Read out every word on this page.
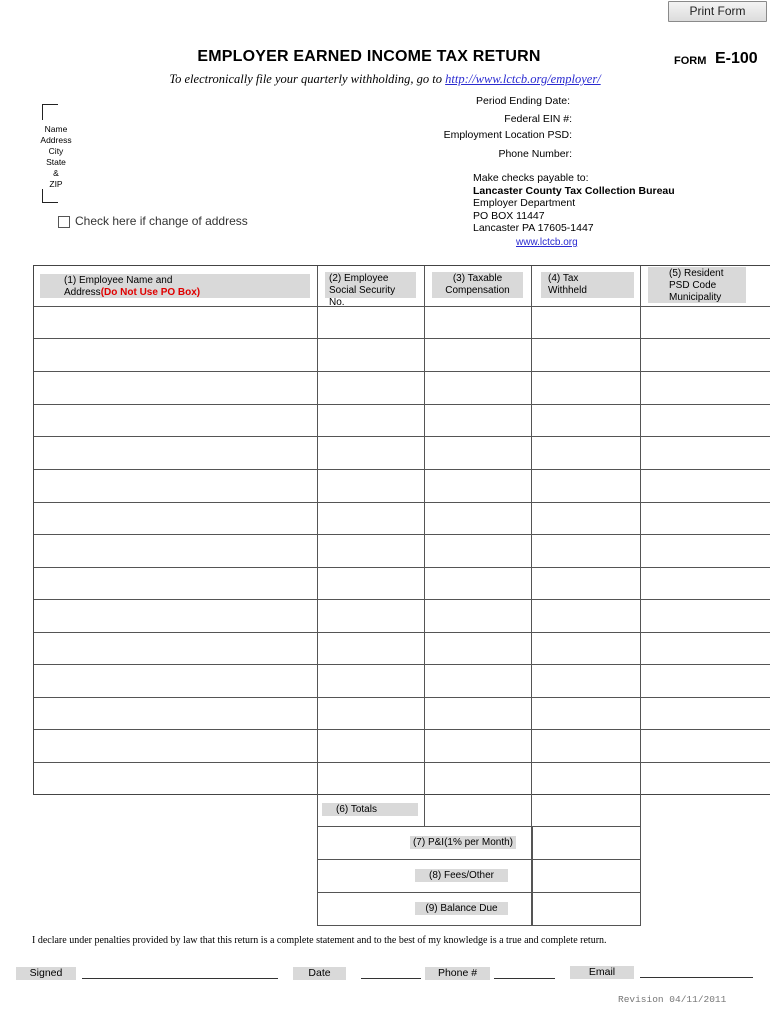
Print Form
EMPLOYER EARNED INCOME TAX RETURN	FORM E-100
To electronically file your quarterly withholding, go to http://www.lctcb.org/employer/
Name
Address
City
State
&
ZIP
Check here if change of address
Period Ending Date:
Federal EIN #:
Employment Location PSD:
Phone Number:
Make checks payable to:
Lancaster County Tax Collection Bureau
Employer Department
PO BOX 11447
Lancaster PA 17605-1447
www.lctcb.org
(1) Employee Name and
Address(Do Not Use PO Box)
(2) Employee
Social Security No.
(3) Taxable
Compensation
(4) Tax
Withheld
(5) Resident
PSD Code
Municipality
(6) Totals
(7) P&I(1% per Month)
(8) Fees/Other
(9) Balance Due
I declare under penalties provided by law that this return is a complete statement and to the best of my knowledge is a true and complete return.
Signed	Date	Phone #	Email
Revision 04/11/2011
